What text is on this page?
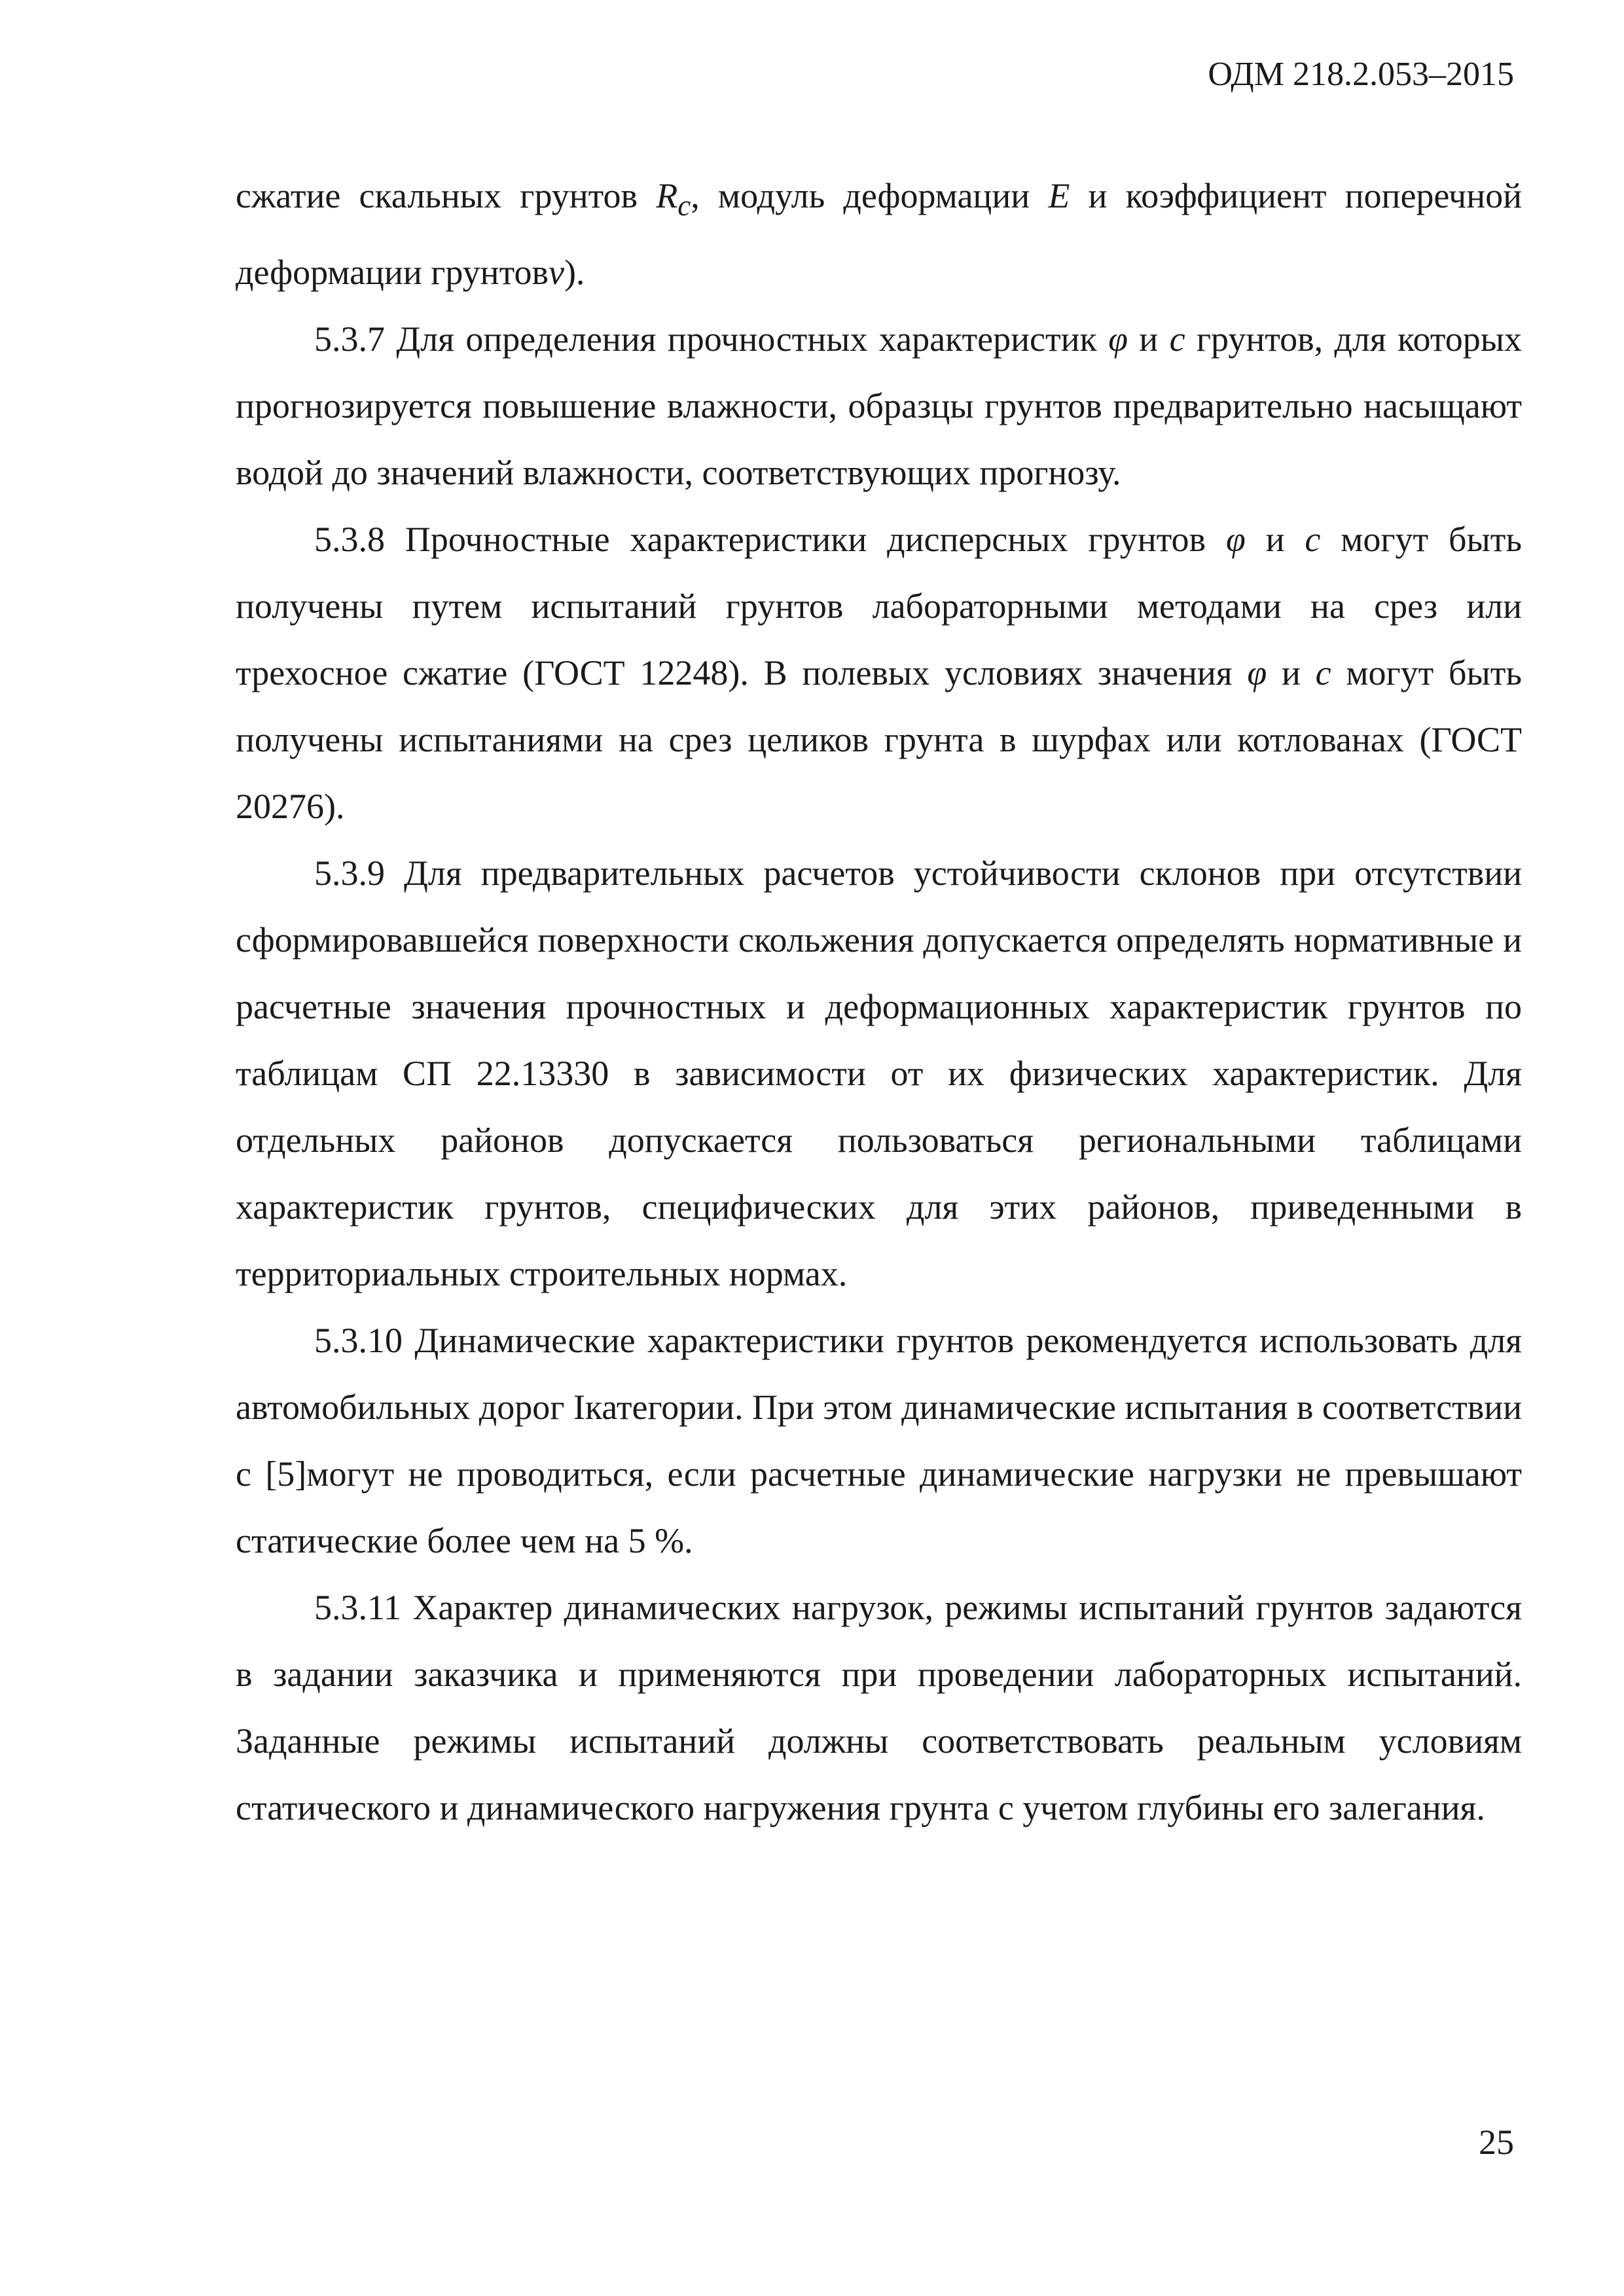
ОДМ 218.2.053–2015

сжатие скальных грунтов $R_c$, модуль деформации E и коэффициент поперечной деформации грунтовν).

5.3.7 Для определения прочностных характеристик φ и с грунтов, для которых прогнозируется повышение влажности, образцы грунтов предварительно насыщают водой до значений влажности, соответствующих прогнозу.

5.3.8 Прочностные характеристики дисперсных грунтов φ и с могут быть получены путем испытаний грунтов лабораторными методами на срез или трехосное сжатие (ГОСТ 12248). В полевых условиях значения φ и с могут быть получены испытаниями на срез целиков грунта в шурфах или котлованах (ГОСТ 20276).

5.3.9 Для предварительных расчетов устойчивости склонов при отсутствии сформировавшейся поверхности скольжения допускается определять нормативные и расчетные значения прочностных и деформационных характеристик грунтов по таблицам СП 22.13330 в зависимости от их физических характеристик. Для отдельных районов допускается пользоваться региональными таблицами характеристик грунтов, специфических для этих районов, приведенными в территориальных строительных нормах.

5.3.10 Динамические характеристики грунтов рекомендуется использовать для автомобильных дорог Iкатегории. При этом динамические испытания в соответствии с [5]могут не проводиться, если расчетные динамические нагрузки не превышают статические более чем на 5 %.

5.3.11 Характер динамических нагрузок, режимы испытаний грунтов задаются в задании заказчика и применяются при проведении лабораторных испытаний. Заданные режимы испытаний должны соответствовать реальным условиям статического и динамического нагружения грунта с учетом глубины его залегания.

25
